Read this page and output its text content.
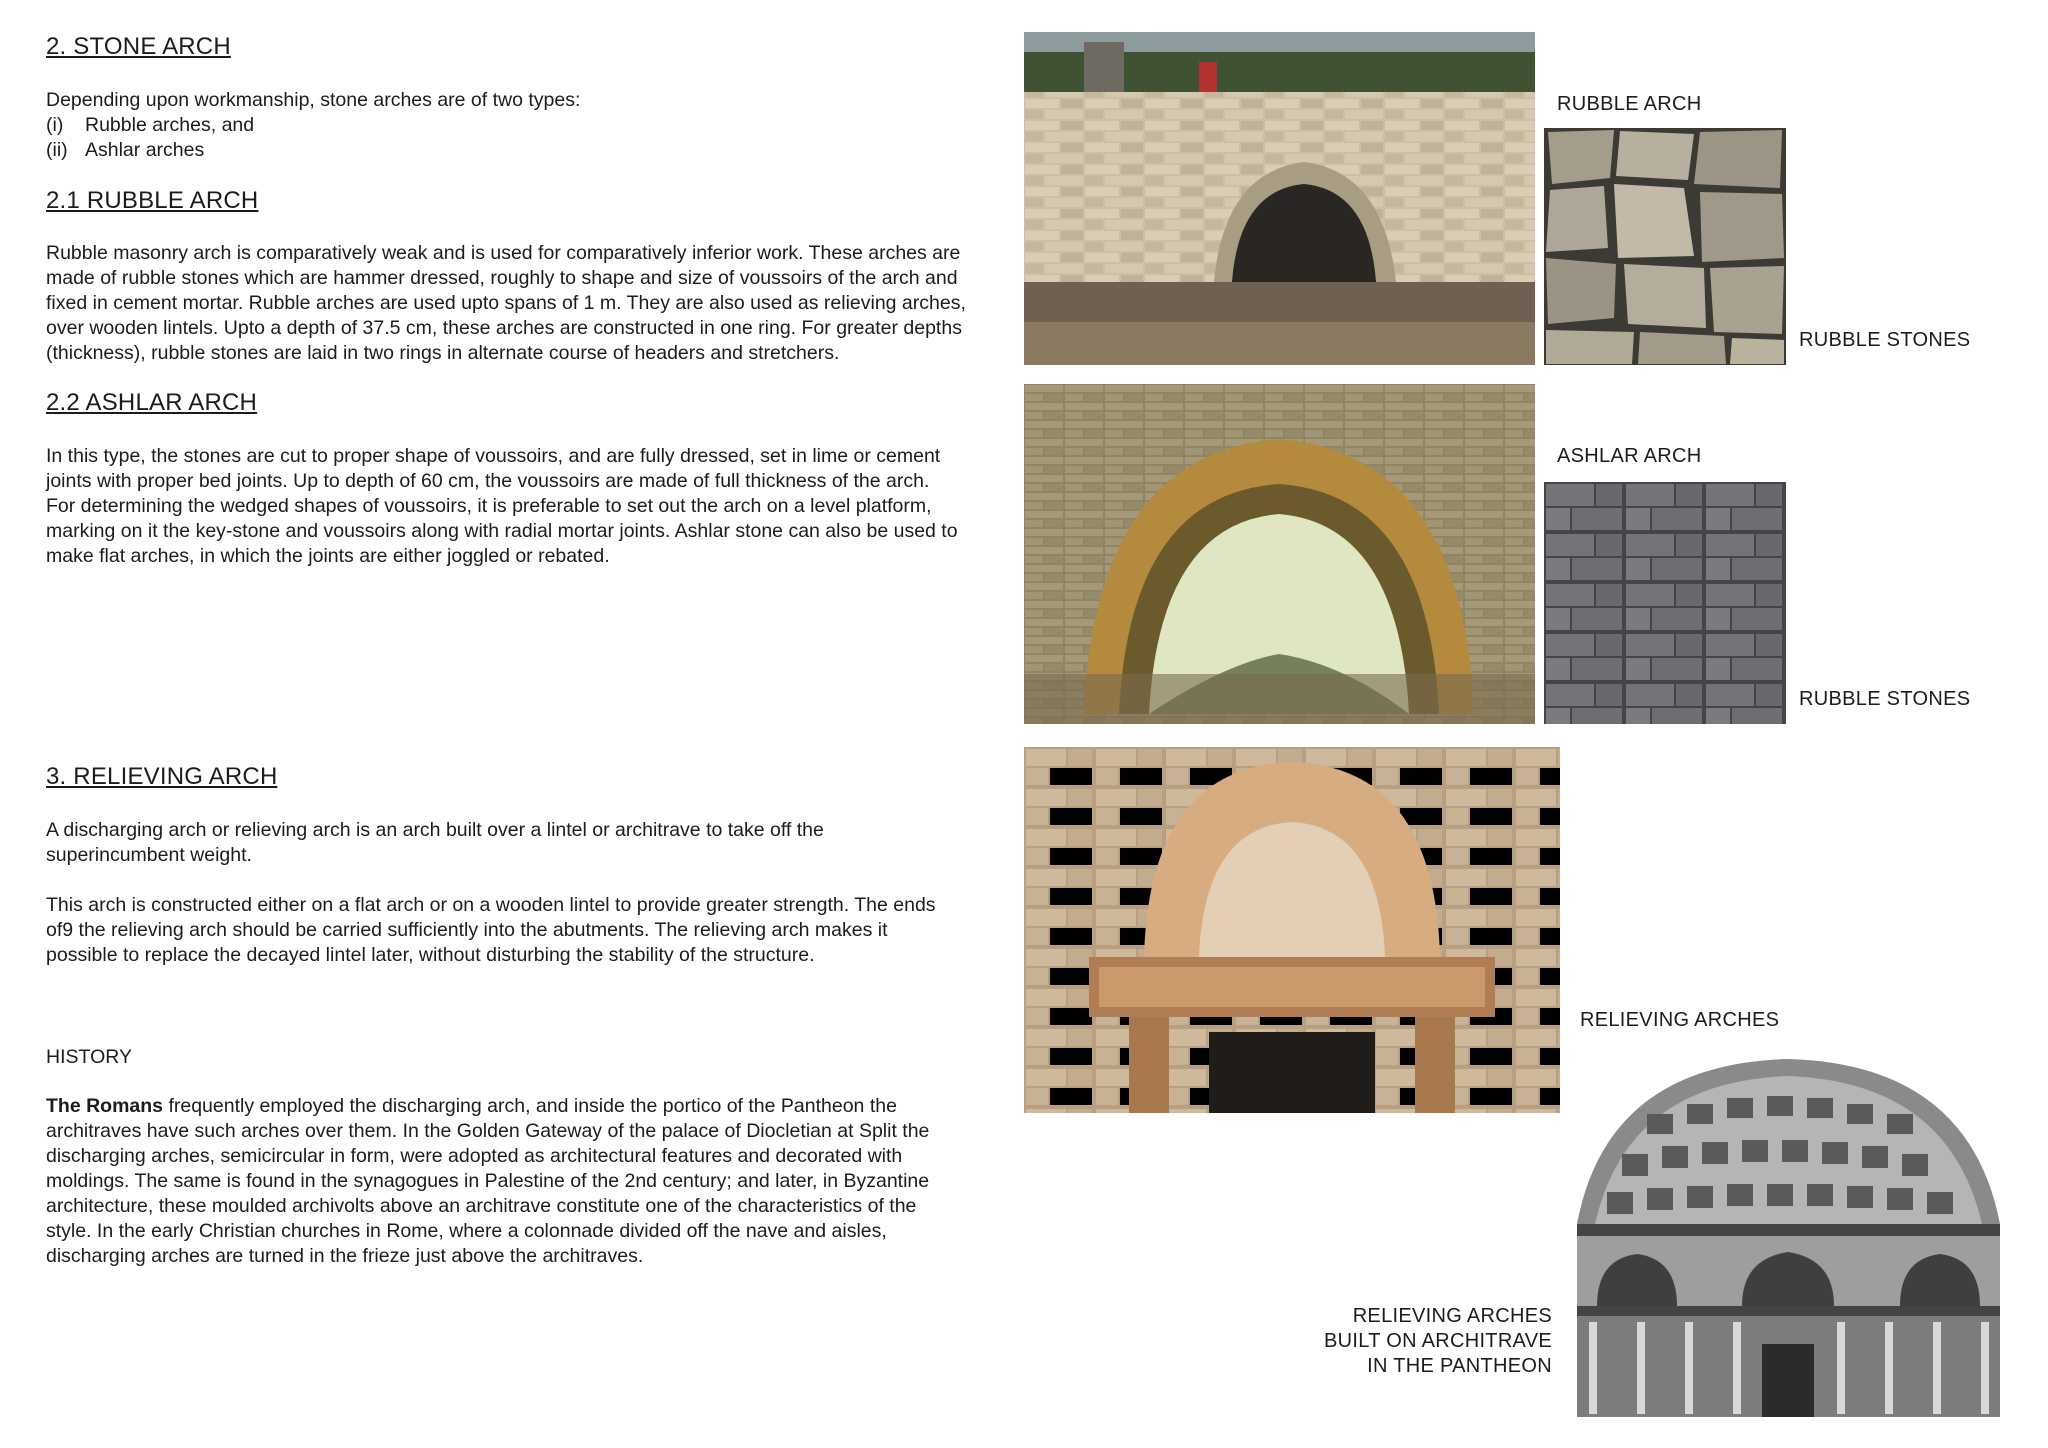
2. STONE ARCH

Depending upon workmanship, stone arches are of two types:

(i)	Rubble arches, and
(ii) Ashlar arches
2.1 RUBBLE ARCH
Rubble masonry arch is comparatively weak and is used for comparatively inferior work. These arches are
made of rubble stones which are hammer dressed, roughly to shape and size of voussoirs of the arch and
fixed in cement mortar. Rubble arches are used upto spans of 1 m. They are also used as relieving arches,
over wooden lintels. Upto a depth of 37.5 cm, these arches are constructed in one ring. For greater depths
(thickness), rubble stones are laid in two rings in alternate course of headers and stretchers.
2.2 ASHLAR ARCH
In this type, the stones are cut to proper shape of voussoirs, and are fully dressed, set in lime or cement
joints with proper bed joints. Up to depth of 60 cm, the voussoirs are made of full thickness of the arch.
For determining the wedged shapes of voussoirs, it is preferable to set out the arch on a level platform,
marking on it the key-stone and voussoirs along with radial mortar joints. Ashlar stone can also be used to
make flat arches, in which the joints are either joggled or rebated.
3. RELIEVING ARCH
A discharging arch or relieving arch is an arch built over a lintel or architrave to take off the
superincumbent weight.
This arch is constructed either on a flat arch or on a wooden lintel to provide greater strength. The ends
of9 the relieving arch should be carried sufficiently into the abutments. The relieving arch makes it
possible to replace the decayed lintel later, without disturbing the stability of the structure.
HISTORY
The Romans frequently employed the discharging arch, and inside the portico of the Pantheon the
architraves have such arches over them. In the Golden Gateway of the palace of Diocletian at Split the
discharging arches, semicircular in form, were adopted as architectural features and decorated with
moldings. The same is found in the synagogues in Palestine of the 2nd century; and later, in Byzantine
architecture, these moulded archivolts above an architrave constitute one of the characteristics of the
style. In the early Christian churches in Rome, where a colonnade divided off the nave and aisles,
discharging arches are turned in the frieze just above the architraves.
RUBBLE ARCH
RUBBLE STONES
ASHLAR ARCH
RUBBLE STONES
RELIEVING ARCHES
RELIEVING ARCHES
BUILT ON ARCHITRAVE
IN THE PANTHEON
